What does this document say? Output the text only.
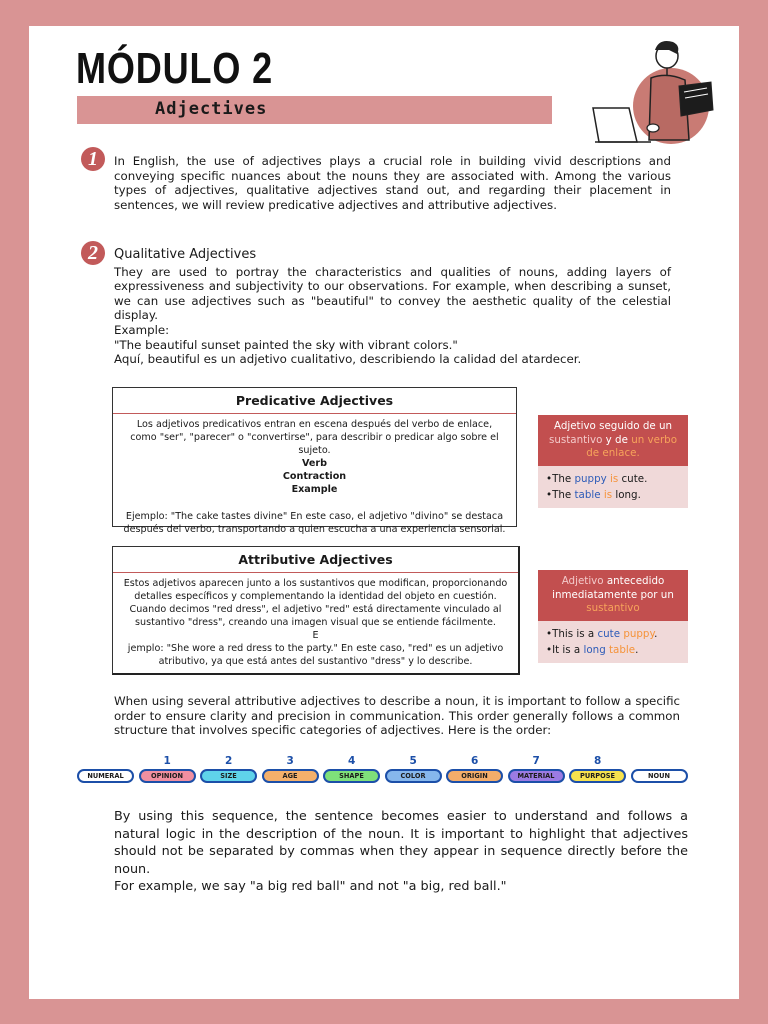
MÓDULO 2
Adjectives
1	In English, the use of adjectives plays a crucial role in building vivid descriptions and conveying specific nuances about the nouns they are associated with. Among the various types of adjectives, qualitative adjectives stand out, and regarding their placement in sentences, we will review predicative adjectives and attributive adjectives.
2	Qualitative Adjectives
They are used to portray the characteristics and qualities of nouns, adding layers of expressiveness and subjectivity to our observations. For example, when describing a sunset, we can use adjectives such as "beautiful" to convey the aesthetic quality of the celestial display.
Example:
"The beautiful sunset painted the sky with vibrant colors."
Aquí, beautiful es un adjetivo cualitativo, describiendo la calidad del atardecer.
Predicative Adjectives
Los adjetivos predicativos entran en escena después del verbo de enlace, como "ser", "parecer" o "convertirse", para describir o predicar algo sobre el sujeto.
Verb
Contraction
Example
Ejemplo: "The cake tastes divine" En este caso, el adjetivo "divino" se destaca después del verbo, transportando a quien escucha a una experiencia sensorial.
Adjetivo seguido de un sustantivo y de un verbo de enlace.
•The puppy is cute.
•The table is long.
Attributive Adjectives
Estos adjetivos aparecen junto a los sustantivos que modifican, proporcionando detalles específicos y complementando la identidad del objeto en cuestión. Cuando decimos "red dress", el adjetivo "red" está directamente vinculado al sustantivo "dress", creando una imagen visual que se entiende fácilmente.
E
jemplo: "She wore a red dress to the party." En este caso, "red" es un adjetivo atributivo, ya que está antes del sustantivo "dress" y lo describe.
Adjetivo antecedido inmediatamente por un sustantivo
•This is a cute puppy.
•It is a long table.
When using several attributive adjectives to describe a noun, it is important to follow a specific order to ensure clarity and precision in communication. This order generally follows a common structure that involves specific categories of adjectives. Here is the order:
NUMERAL
1
OPINION
2
SIZE
3
AGE
4
SHAPE
5
COLOR
6
ORIGIN
7
MATERIAL
8
PURPOSE	NOUN
By using this sequence, the sentence becomes easier to understand and follows a natural logic in the description of the noun. It is important to highlight that adjectives should not be separated by commas when they appear in sequence directly before the noun.
For example, we say "a big red ball" and not "a big, red ball."
